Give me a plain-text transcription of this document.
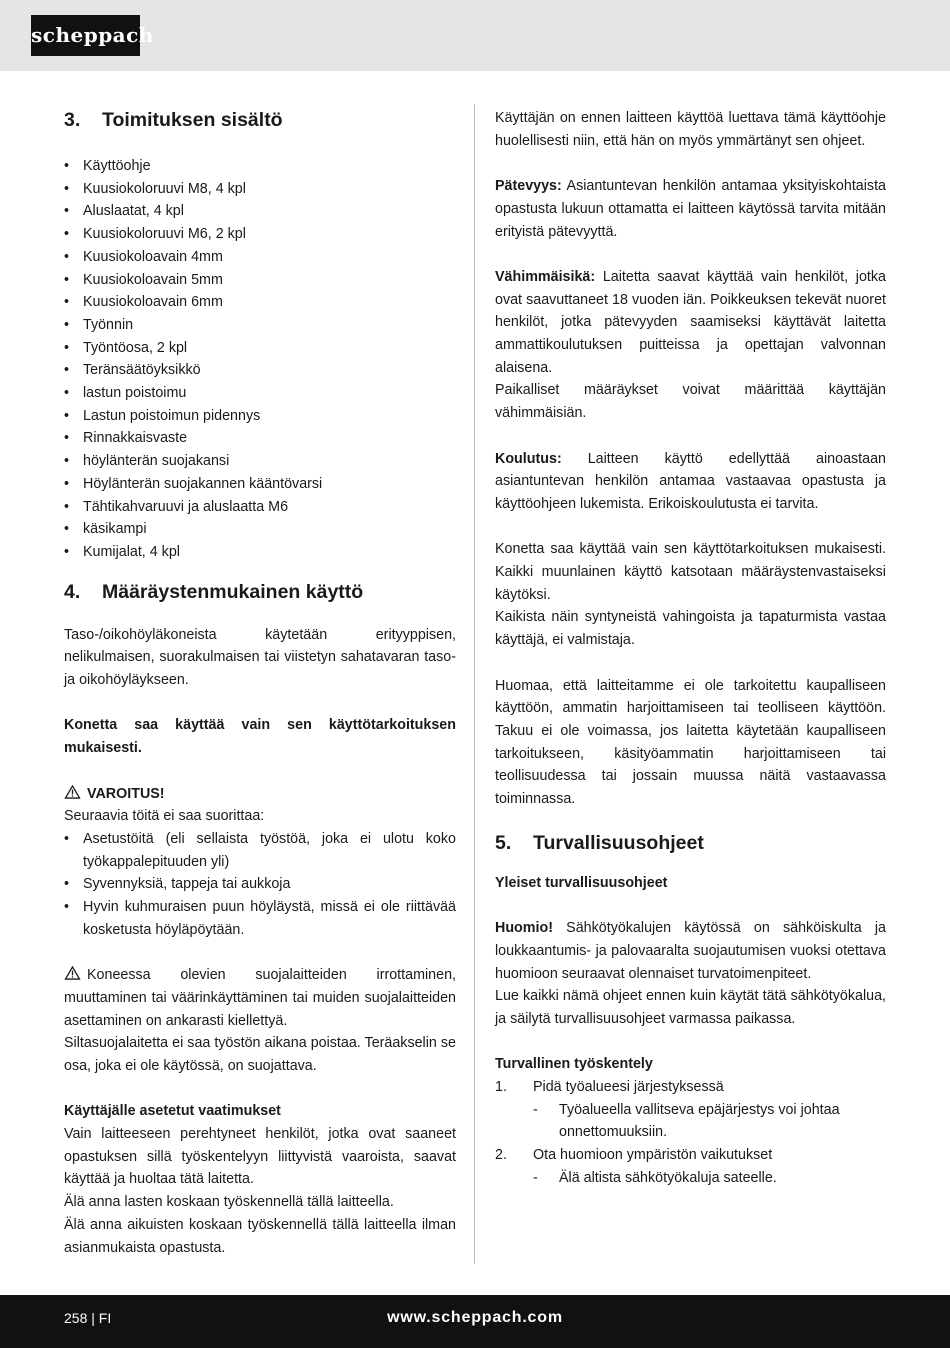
scheppach
3. Toimituksen sisältö
• Käyttöohje
• Kuusiokoloruuvi M8, 4 kpl
• Aluslaatat, 4 kpl
• Kuusiokoloruuvi M6, 2 kpl
• Kuusiokoloavain 4mm
• Kuusiokoloavain 5mm
• Kuusiokoloavain 6mm
• Työnnin
• Työntöosa, 2 kpl
• Teränsäätöyksikkö
• lastun poistoimu
• Lastun poistoimun pidennys
• Rinnakkaisvaste
• höylänterän suojakansi
• Höylänterän suojakannen kääntövarsi
• Tähtikahvaruuvi ja aluslaatta M6
• käsikampi
• Kumijalat, 4 kpl
4. Määräystenmukainen käyttö

Taso-/oikohöyläkoneista käytetään erityyppisen, nelikulmaisen, suorakulmaisen tai viistetyn sahatavaran taso- ja oikohöyläykseen.

Konetta saa käyttää vain sen käyttötarkoituksen mukaisesti.

VAROITUS!

Seuraavia töitä ei saa suorittaa:

• Asetustöitä (eli sellaista työstöä, joka ei ulotu koko työkappalepituuden yli)
• Syvennyksiä, tappeja tai aukkoja
• Hyvin kuhmuraisen puun höyläystä, missä ei ole riittävää kosketusta höyläpöytään.

Koneessa olevien suojalaitteiden irrottaminen, muuttaminen tai väärinkäyttäminen tai muiden suojalaitteiden asettaminen on ankarasti kiellettyä.

Siltasuojalaitetta ei saa työstön aikana poistaa. Teräakselin se osa, joka ei ole käytössä, on suojattava.

Käyttäjälle asetetut vaatimukset

Vain laitteeseen perehtyneet henkilöt, jotka ovat saaneet opastuksen sillä työskentelyyn liittyvistä vaaroista, saavat käyttää ja huoltaa tätä laitetta.

Älä anna lasten koskaan työskennellä tällä laitteella.

Älä anna aikuisten koskaan työskennellä tällä laitteella ilman asianmukaista opastusta.

Käyttäjän on ennen laitteen käyttöä luettava tämä käyttöohje huolellisesti niin, että hän on myös ymmärtänyt sen ohjeet.

Pätevyys: Asiantuntevan henkilön antamaa yksityiskohtaista opastusta lukuun ottamatta ei laitteen käytössä tarvita mitään erityistä pätevyyttä.

Vähimmäisikä: Laitetta saavat käyttää vain henkilöt, jotka ovat saavuttaneet 18 vuoden iän. Poikkeuksen tekevät nuoret henkilöt, jotka pätevyyden saamiseksi käyttävät laitetta ammattikoulutuksen puitteissa ja opettajan valvonnan alaisena.

Paikalliset määräykset voivat määrittää käyttäjän vähimmäisiän.

Koulutus: Laitteen käyttö edellyttää ainoastaan asiantuntevan henkilön antamaa vastaavaa opastusta ja käyttöohjeen lukemista. Erikoiskoulutusta ei tarvita.

Konetta saa käyttää vain sen käyttötarkoituksen mukaisesti. Kaikki muunlainen käyttö katsotaan määräystenvastaiseksi käytöksi.

Kaikista näin syntyneistä vahingoista ja tapaturmista vastaa käyttäjä, ei valmistaja.

Huomaa, että laitteitamme ei ole tarkoitettu kaupalliseen käyttöön, ammatin harjoittamiseen tai teolliseen käyttöön. Takuu ei ole voimassa, jos laitetta käytetään kaupalliseen tarkoitukseen, käsityöammatin harjoittamiseen tai teollisuudessa tai jossain muussa näitä vastaavassa toiminnassa.

5. Turvallisuusohjeet

Yleiset turvallisuusohjeet

Huomio! Sähkötyökalujen käytössä on sähköiskulta ja loukkaantumis- ja palovaaralta suojautumisen vuoksi otettava huomioon seuraavat olennaiset turvatoimenpiteet.

Lue kaikki nämä ohjeet ennen kuin käytät tätä sähkötyökalua, ja säilytä turvallisuusohjeet varmassa paikassa.

Turvallinen työskentely

1. Pidä työalueesi järjestyksessä
- Työalueella vallitseva epäjärjestys voi johtaa onnettomuuksiin.
2. Ota huomioon ympäristön vaikutukset
- Älä altista sähkötyökaluja sateelle.
258 | FI	www.scheppach.com
